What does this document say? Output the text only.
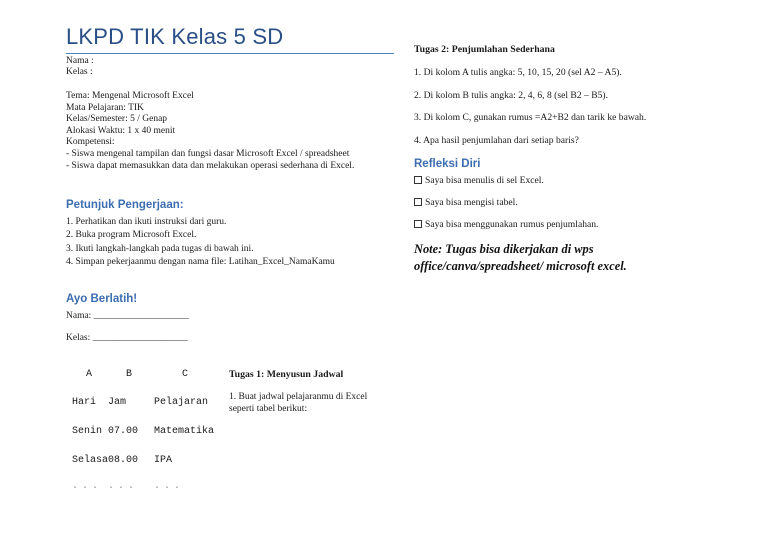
LKPD TIK Kelas 5 SD
Nama :
Kelas :
Tema: Mengenal Microsoft Excel
Mata Pelajaran: TIK
Kelas/Semester: 5 / Genap
Alokasi Waktu: 1 x 40 menit
Kompetensi:
- Siswa mengenal tampilan dan fungsi dasar Microsoft Excel / spreadsheet
- Siswa dapat memasukkan data dan melakukan operasi sederhana di Excel.
Petunjuk Pengerjaan:
1. Perhatikan dan ikuti instruksi dari guru.
2. Buka program Microsoft Excel.
3. Ikuti langkah-langkah pada tugas di bawah ini.
4. Simpan pekerjaanmu dengan nama file: Latihan_Excel_NamaKamu
Ayo Berlatih!
Nama: ____________________
Kelas: ____________________
A	B	C
Hari Jam	Pelajaran
Senin 07.00 Matematika
Selasa 08.00 IPA
... ... ...
Tugas 1: Menyusun Jadwal
1. Buat jadwal pelajaranmu di Excel
seperti tabel berikut:
Tugas 2: Penjumlahan Sederhana
1. Di kolom A tulis angka: 5, 10, 15, 20 (sel A2 – A5).
2. Di kolom B tulis angka: 2, 4, 6, 8 (sel B2 – B5).
3. Di kolom C, gunakan rumus =A2+B2 dan tarik ke bawah.
4. Apa hasil penjumlahan dari setiap baris?
Refleksi Diri
Saya bisa menulis di sel Excel.
Saya bisa mengisi tabel.
Saya bisa menggunakan rumus penjumlahan.
Note: Tugas bisa dikerjakan di wps
office/canva/spreadsheet/ microsoft excel.
